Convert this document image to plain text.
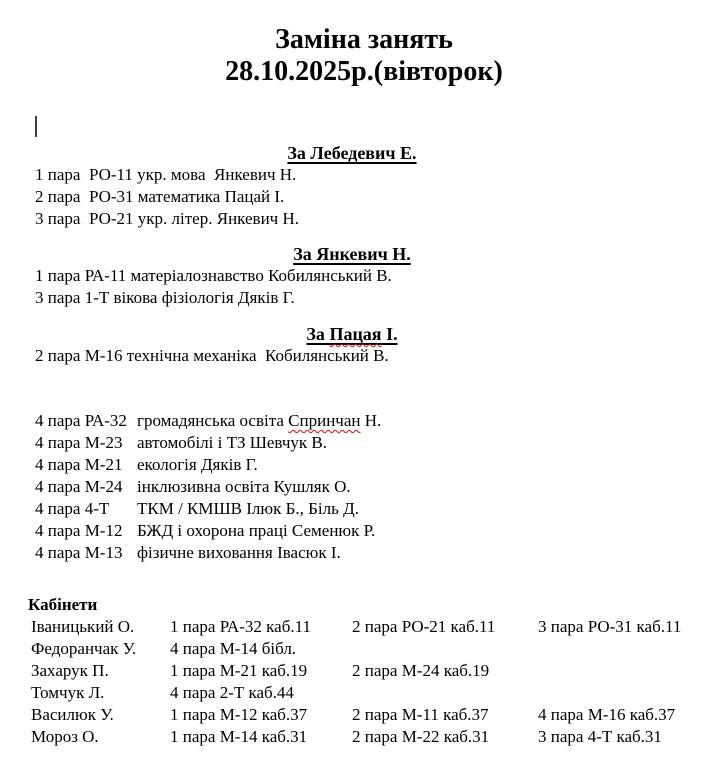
Заміна занять
28.10.2025р.(вівторок)
За Лебедевич Е.
1 пара  РО-11 укр. мова  Янкевич Н.
2 пара  РО-31 математика Пацай І.
3 пара  РО-21 укр. літер. Янкевич Н.
За Янкевич Н.
1 пара РА-11 матеріалознавство Кобилянський В.
3 пара 1-Т вікова фізіологія Дяків Г.
За Пацая І.
2 пара М-16 технічна механіка  Кобилянський В.
4 пара РА-32 громадянська освіта Спринчан Н.
4 пара М-23 автомобілі і ТЗ Шевчук В.
4 пара М-21 екологія Дяків Г.
4 пара М-24 інклюзивна освіта Кушляк О.
4 пара 4-Т	ТКМ / КМШВ Ілюк Б., Біль Д.
4 пара М-12 БЖД і охорона праці Семенюк Р.
4 пара М-13 фізичне виховання Івасюк І.
Кабінети
Іваницький О.	1 пара РА-32 каб.11	2 пара РО-21 каб.11	3 пара РО-31 каб.11
Федоранчак У.	4 пара М-14 бібл.
Захарук П.	1 пара М-21 каб.19	2 пара М-24 каб.19
Томчук Л.	4 пара 2-Т каб.44
Василюк У.	1 пара М-12 каб.37	2 пара М-11 каб.37	4 пара М-16 каб.37
Мороз О.	1 пара М-14 каб.31	2 пара М-22 каб.31	3 пара 4-Т каб.31
